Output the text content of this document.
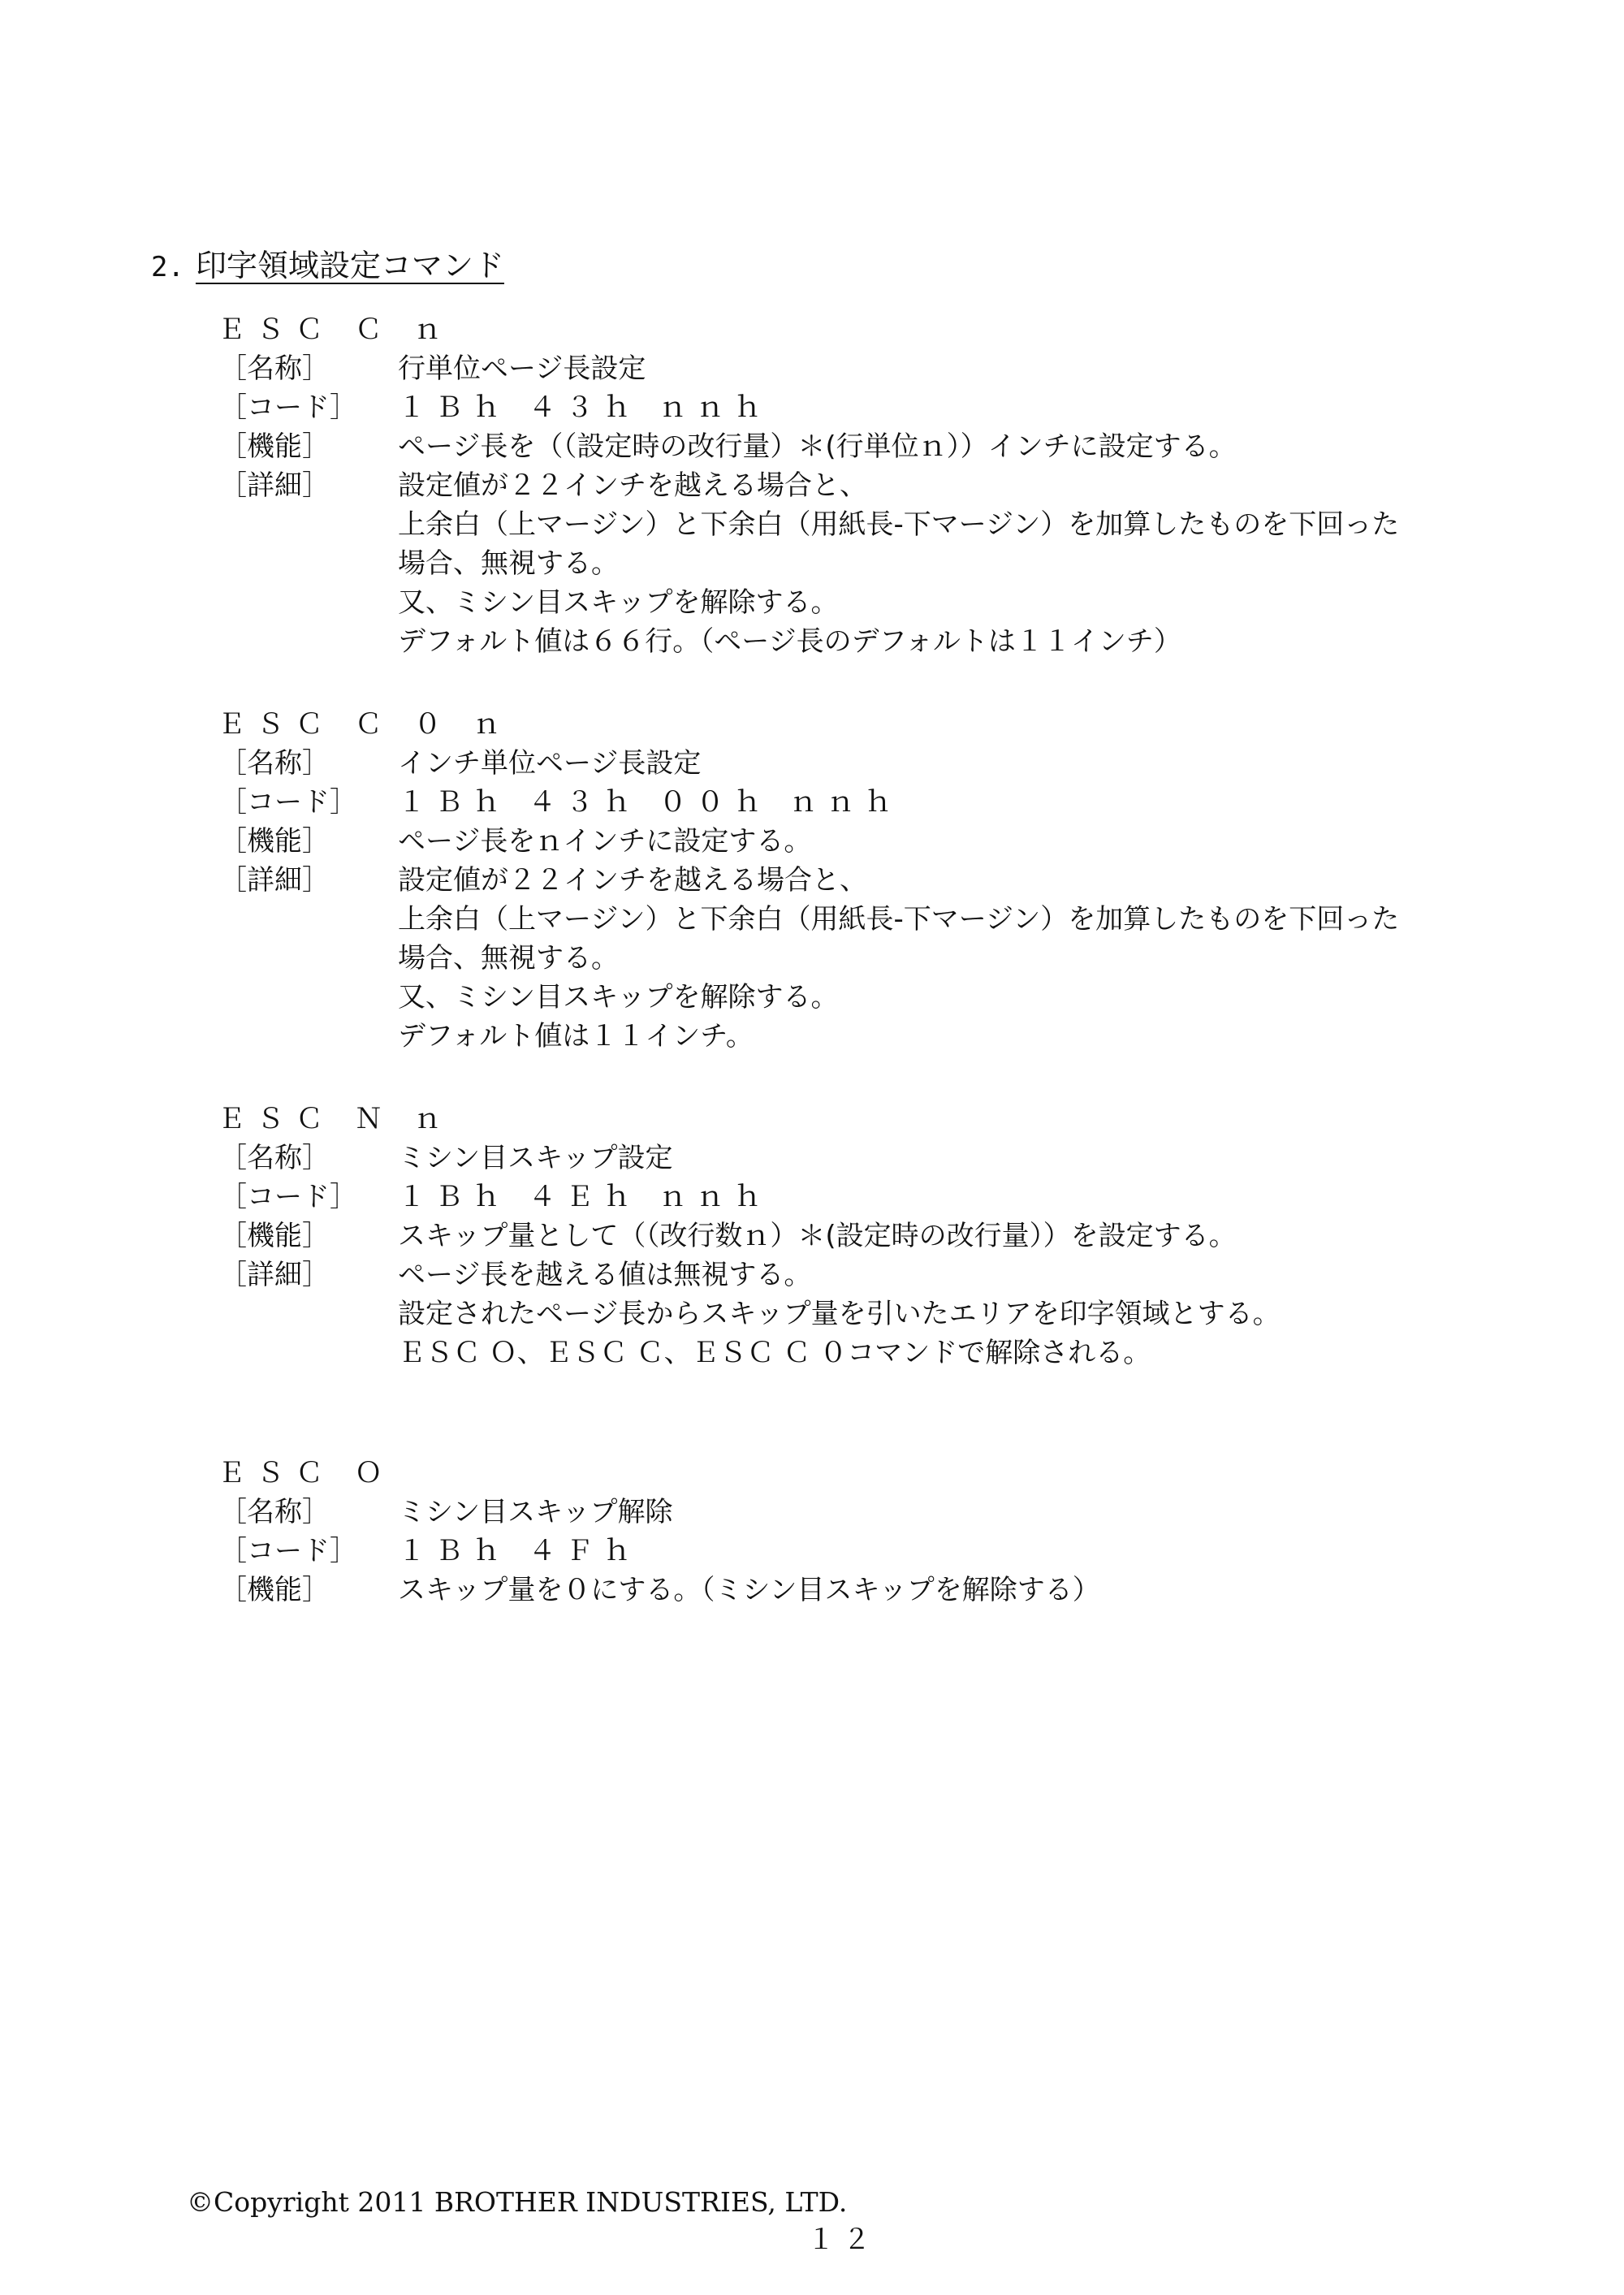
2. 印字領域設定コマンド
ＥＳＣ Ｃ ｎ
［名称］	行単位ページ長設定
［コード］	１Ｂｈ ４３ｈ ｎｎｈ
［機能］	ページ長を（（設定時の改行量）＊(行単位ｎ））インチに設定する。
［詳細］	設定値が２２インチを越える場合と、
上余白（上マージン）と下余白（用紙長-下マージン）を加算したものを下回った
場合、無視する。
又、ミシン目スキップを解除する。
デフォルト値は６６行。（ページ長のデフォルトは１１インチ）
ＥＳＣ Ｃ ０ ｎ
［名称］	インチ単位ページ長設定
［コード］	１Ｂｈ ４３ｈ ００ｈ ｎｎｈ
［機能］	ページ長をｎインチに設定する。
［詳細］	設定値が２２インチを越える場合と、
上余白（上マージン）と下余白（用紙長-下マージン）を加算したものを下回った
場合、無視する。
又、ミシン目スキップを解除する。
デフォルト値は１１インチ。
ＥＳＣ Ｎ ｎ
［名称］	ミシン目スキップ設定
［コード］	１Ｂｈ ４Ｅｈ ｎｎｈ
［機能］	スキップ量として（（改行数ｎ）＊(設定時の改行量））を設定する。
［詳細］	ページ長を越える値は無視する。
設定されたページ長からスキップ量を引いたエリアを印字領域とする。
ＥＳＣ Ｏ、ＥＳＣ Ｃ、ＥＳＣ Ｃ ０コマンドで解除される。
ＥＳＣ Ｏ
［名称］	ミシン目スキップ解除
［コード］	１Ｂｈ ４Ｆｈ
［機能］	スキップ量を０にする。（ミシン目スキップを解除する）
©Copyright 2011 BROTHER INDUSTRIES, LTD.
１２
